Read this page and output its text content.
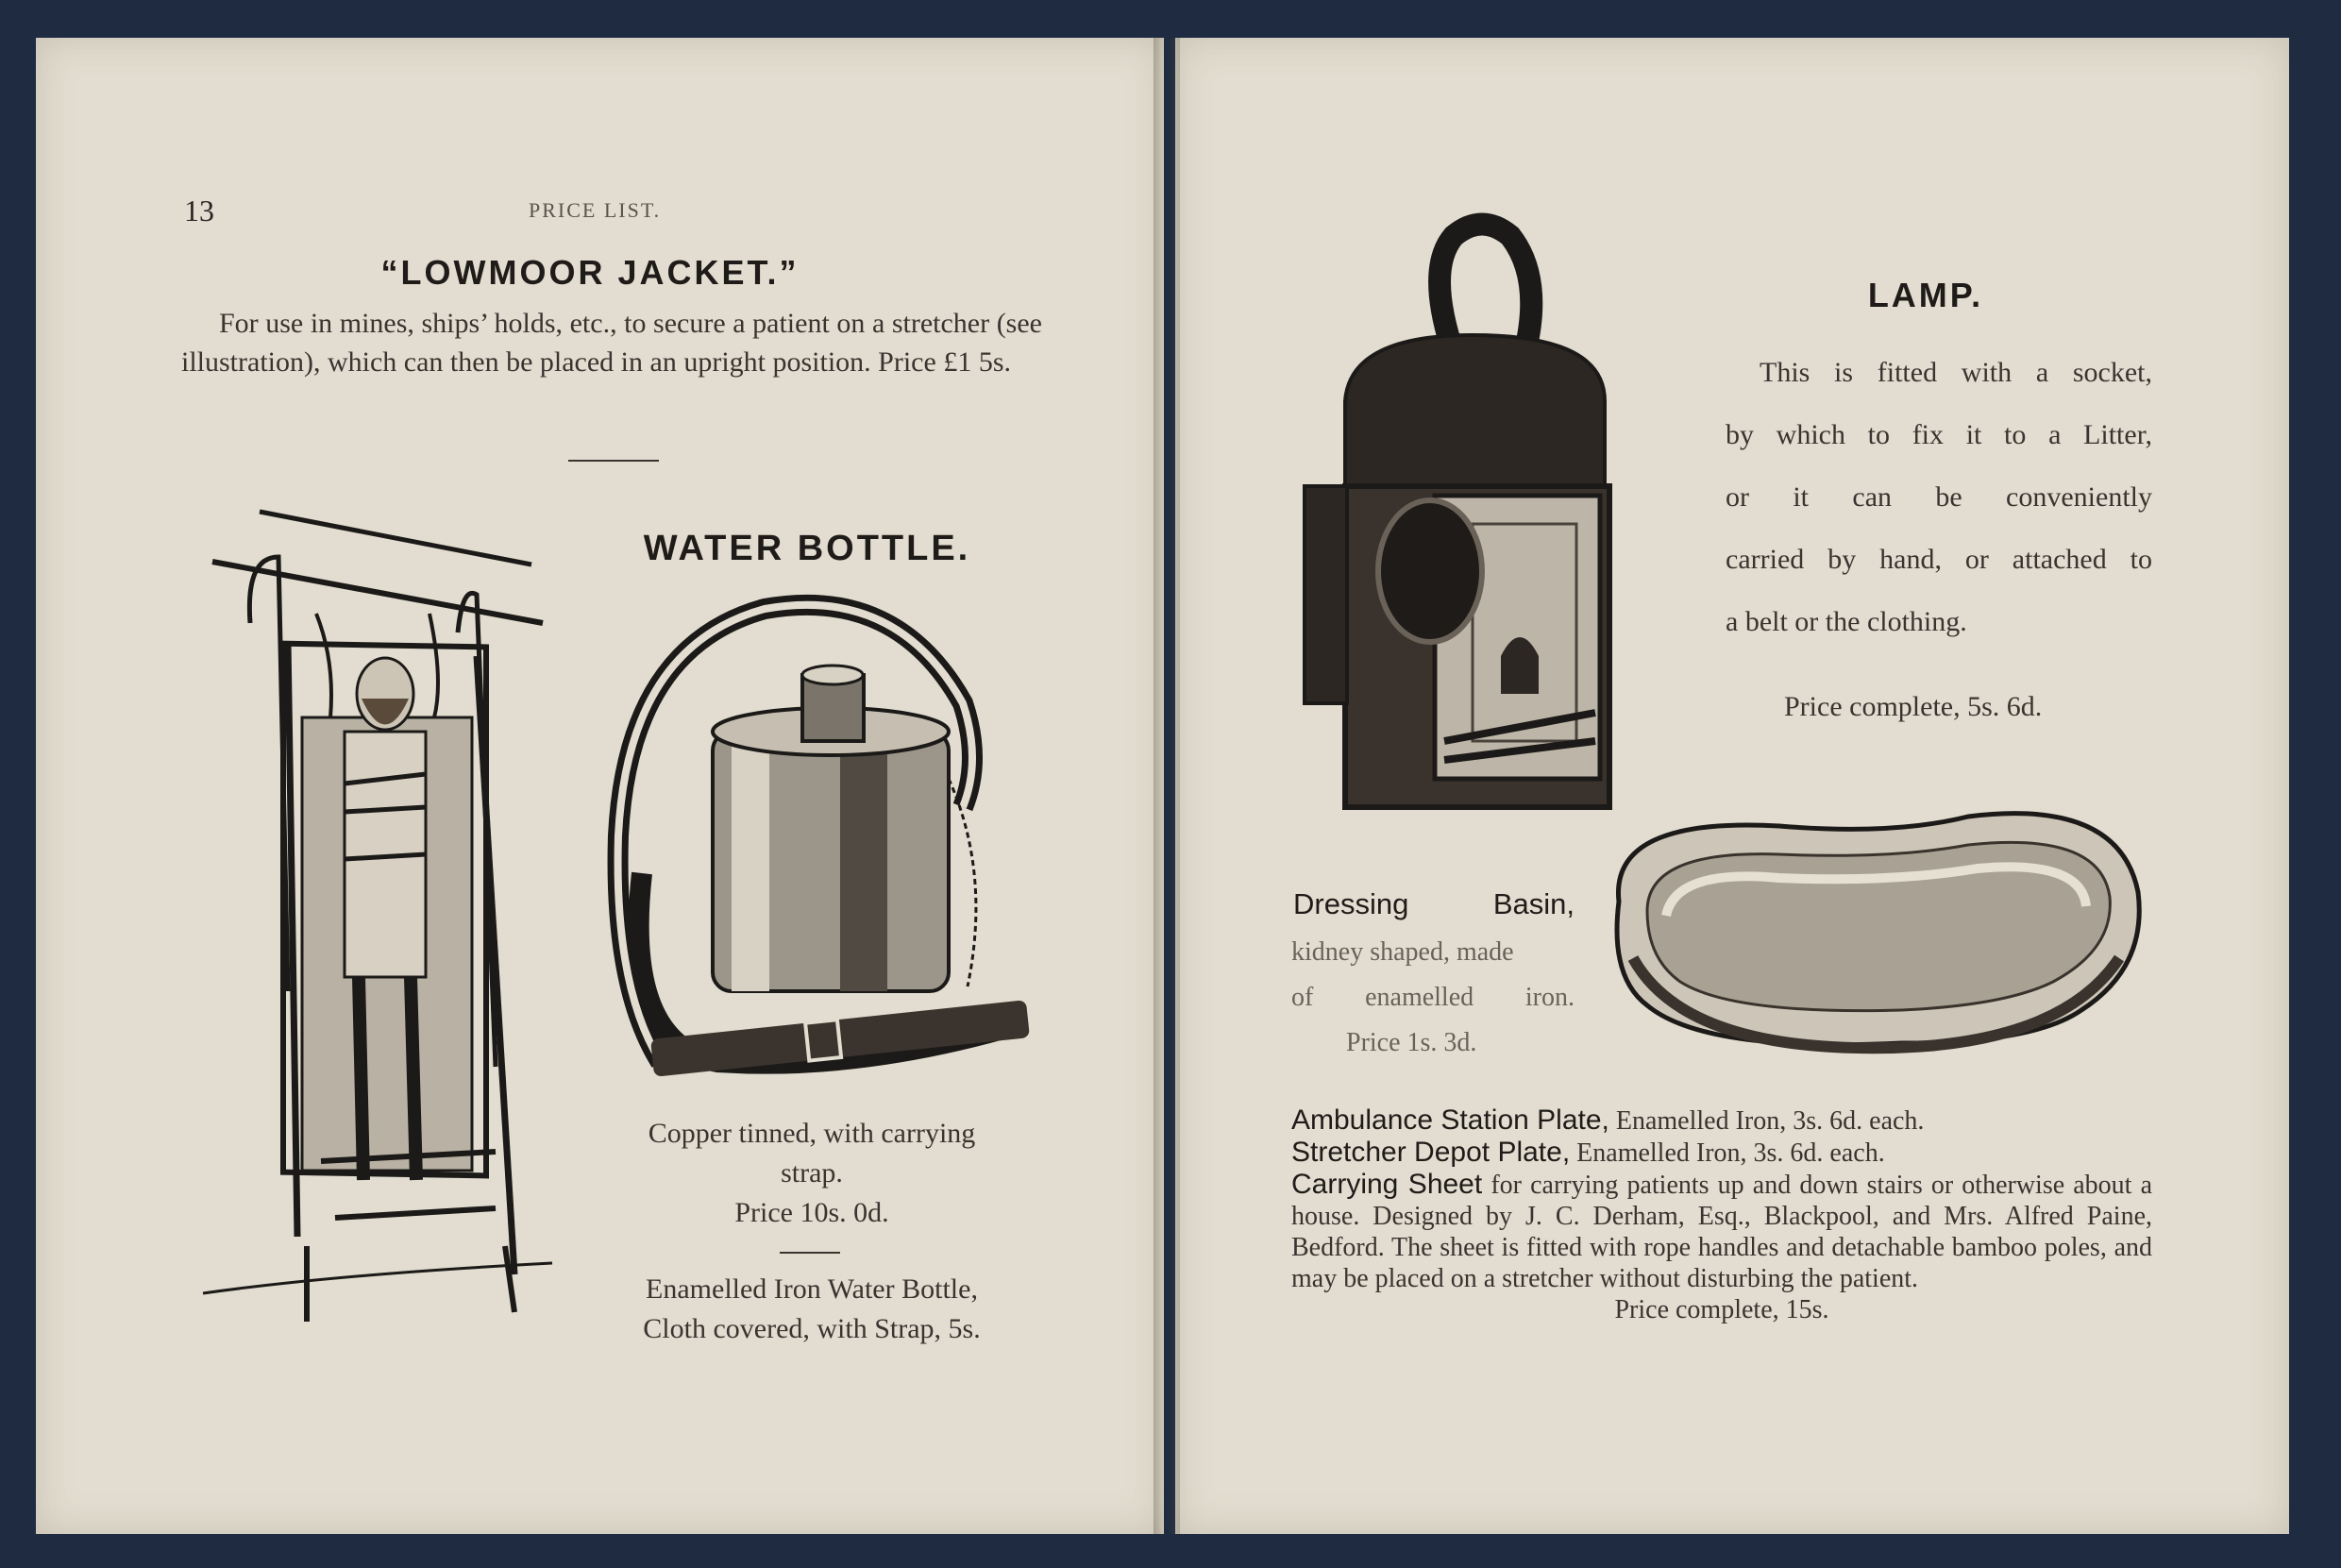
13	PRICE LIST.
“LOWMOOR JACKET.”
For use in mines, ships’ holds, etc., to secure a patient on a stretcher (see illustration), which can then be placed in an upright position. Price £1 5s.
WATER BOTTLE.
Copper tinned, with carrying
strap.
Price 10s. 0d.
Enamelled Iron Water Bottle,
Cloth covered, with Strap, 5s.
LAMP.
This is fitted with a socket,
by which to fix it to a Litter,
or it can be conveniently
carried by hand, or attached to
a belt or the clothing.
Price complete, 5s. 6d.
Dressing Basin,
kidney shaped, made
of enamelled iron.
Price 1s. 3d.
Ambulance Station Plate, Enamelled Iron, 3s. 6d. each.
Stretcher Depot Plate, Enamelled Iron, 3s. 6d. each.
Carrying Sheet for carrying patients up and down stairs or otherwise about a house. Designed by J. C. Derham, Esq., Blackpool, and Mrs. Alfred Paine, Bedford. The sheet is fitted with rope handles and detachable bamboo poles, and may be placed on a stretcher without disturbing the patient.
Price complete, 15s.
